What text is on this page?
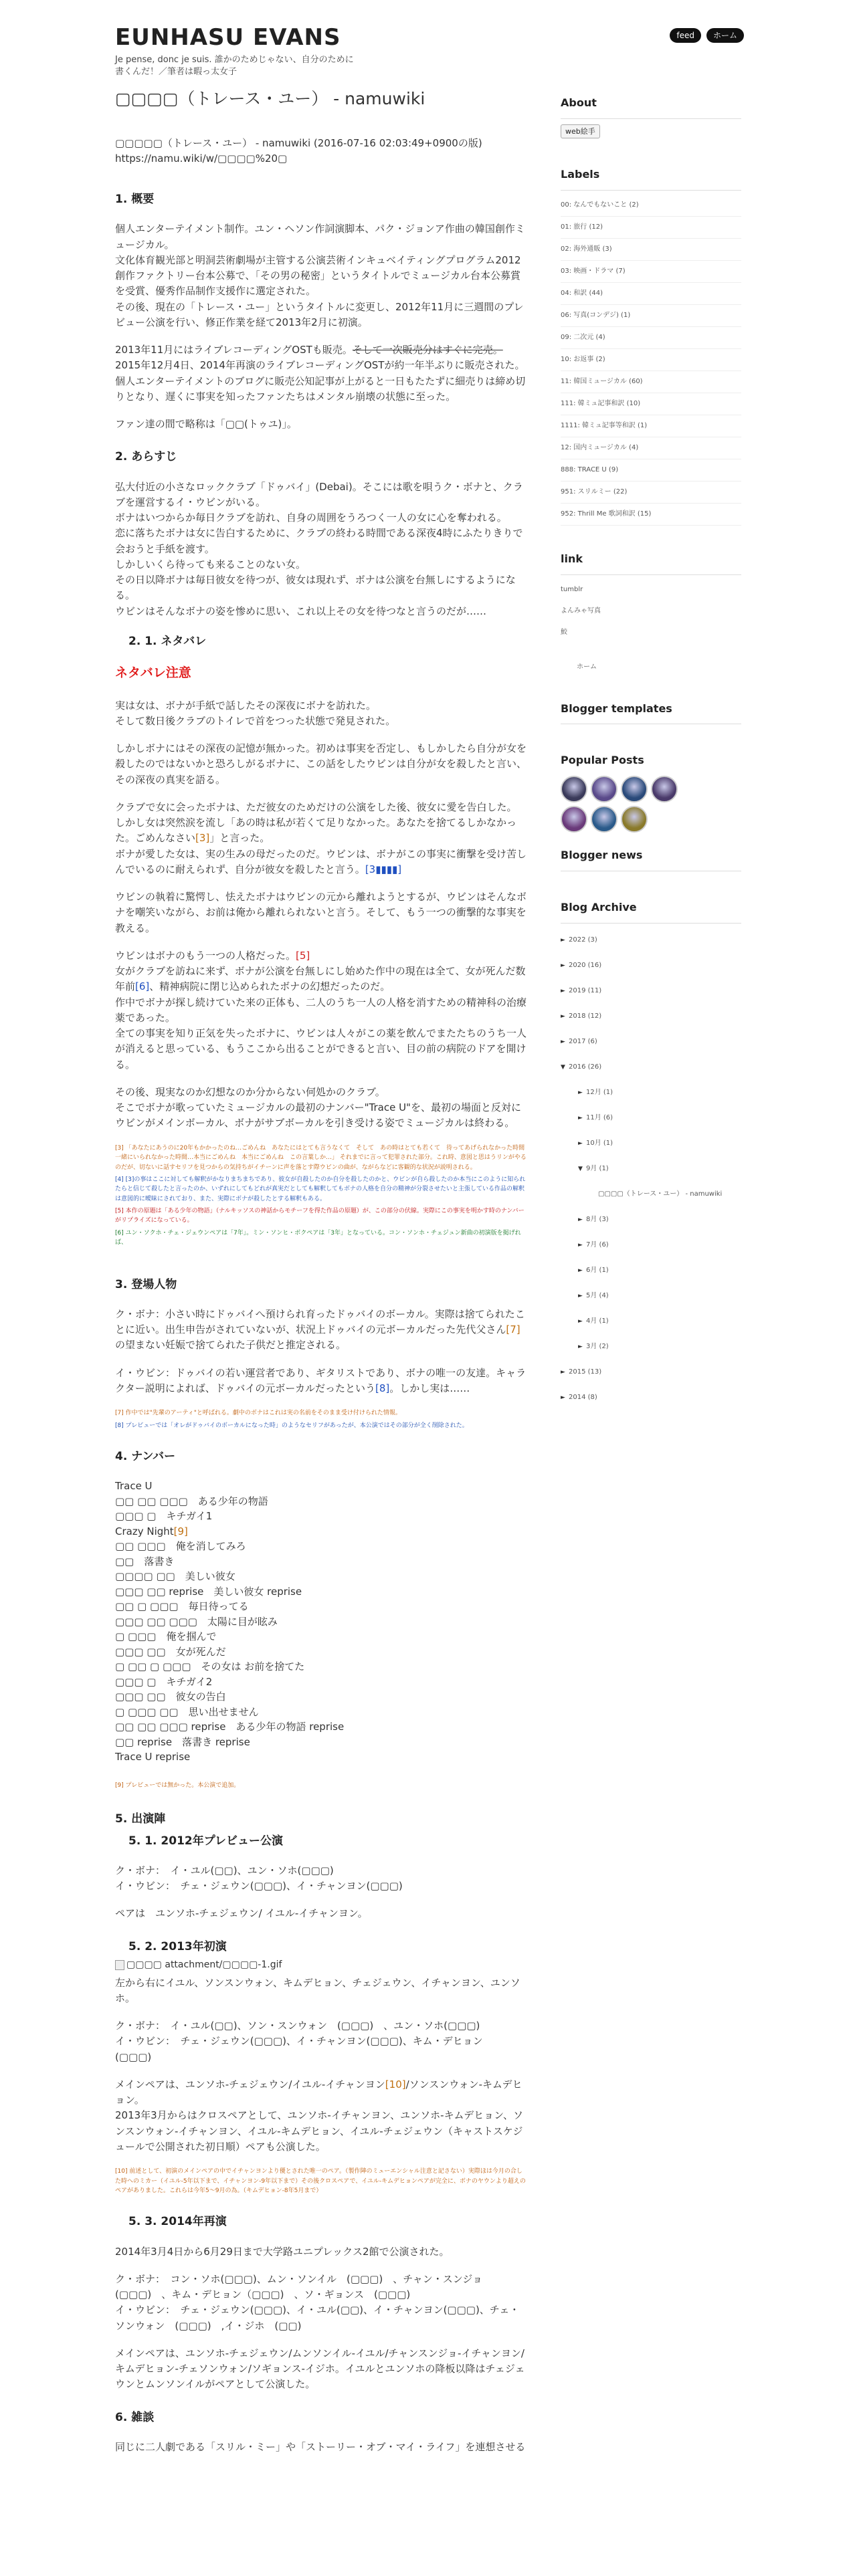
EUNHASU EVANS
Je pense, donc je suis. 誰かのためじゃない、自分のために書くんだ！／筆者は暇っ太女子
feed	ホーム
▢▢▢▢（トレース・ユー） - namuwiki

▢▢▢▢▢（トレース・ユー） - namuwiki (2016-07-16 02:03:49+0900の版) https://namu.wiki/w/▢▢▢▢%20▢

1. 概要

個人エンターテイメント制作。ユン・ヘソン作詞演脚本、パク・ジョンア作曲の韓国創作ミュージカル。
文化体育観光部と明洞芸術劇場が主管する公演芸術インキュベイティングプログラム2012創作ファクトリー台本公募で、「その男の秘密」というタイトルでミュージカル台本公募賞を受賞、優秀作品制作支援作に選定された。
その後、現在の「トレース・ユー」というタイトルに変更し、2012年11月に三週間のプレビュー公演を行い、修正作業を経て2013年2月に初演。

2013年11月にはライブレコーディングOSTも販売。そして一次販売分はすぐに完売。
2015年12月4日、2014年再演のライブレコーディングOSTが約一年半ぶりに販売された。
個人エンターテイメントのブログに販売公知記事が上がると一日もたたずに細売りは締め切りとなり、遅くに事実を知ったファンたちはメンタル崩壊の状態に至った。

ファン達の間で略称は「▢▢(トゥユ)」。

2. あらすじ

弘大付近の小さなロッククラブ「ドゥバイ」(Debai)。そこには歌を唄うク・ボナと、クラブを運営するイ・ウビンがいる。
ボナはいつからか毎日クラブを訪れ、自身の周囲をうろつく一人の女に心を奪われる。
恋に落ちたボナは女に告白するために、クラブの終わる時間である深夜4時にふたりきりで会おうと手紙を渡す。
しかしいくら待っても来ることのない女。
その日以降ボナは毎日彼女を待つが、彼女は現れず、ボナは公演を台無しにするようになる。
ウビンはそんなボナの姿を惨めに思い、これ以上その女を待つなと言うのだが……

2. 1. ネタバレ
ネタバレ注意

実は女は、ボナが手紙で話したその深夜にボナを訪れた。
そして数日後クラブのトイレで首をつった状態で発見された。

しかしボナにはその深夜の記憶が無かった。初めは事実を否定し、もしかしたら自分が女を殺したのではないかと恐ろしがるボナに、この話をしたウビンは自分が女を殺したと言い、その深夜の真実を語る。

クラブで女に会ったボナは、ただ彼女のためだけの公演をした後、彼女に愛を告白した。しかし女は突然涙を流し「あの時は私が若くて足りなかった。あなたを捨てるしかなかった。ごめんなさい[3]」と言った。
ボナが愛した女は、実の生みの母だったのだ。ウビンは、ボナがこの事実に衝撃を受け苦しんでいるのに耐えられず、自分が彼女を殺したと言う。[3▮▮▮▮]

ウビンの執着に驚愕し、怯えたボナはウビンの元から離れようとするが、ウビンはそんなボナを嘲笑いながら、お前は俺から離れられないと言う。そして、もう一つの衝撃的な事実を教える。

ウビンはボナのもう一つの人格だった。[5]
女がクラブを訪ねに来ず、ボナが公演を台無しにし始めた作中の現在は全て、女が死んだ数年前[6]、精神病院に閉じ込められたボナの幻想だったのだ。
作中でボナが探し続けていた来の正体も、二人のうち一人の人格を消すための精神科の治療薬であった。
全ての事実を知り正気を失ったボナに、ウビンは人々がこの薬を飲んでまたたちのうち一人が消えると思っている、もうここから出ることができると言い、目の前の病院のドアを開ける。

その後、現実なのか幻想なのか分からない何処かのクラブ。
そこでボナが歌っていたミュージカルの最初のナンバー"Trace U"を、最初の場面と反対にウビンがメインボーカル、ボナがサブボーカルを引き受ける姿でミュージカルは終わる。

[3] 「あなたにあうのに20年もかかったのね…ごめんね　あなたにはとても言うなくて　そして　あの時はとても若くて　待ってあげられなかった時間　一緒にいられなかった時間…本当にごめんね　本当にごめんね　この言葉しか…」 それまでに言って犯罪された部分。これ時、意図と思はうリンがやるのだが、切ないに話すセリフを見つからの気持ちがイチーンに声を落とす際ウビンの曲が、ながらなどに客観的な状況が説明される。

[4] [3]の事はここに対しても解釈がかなりまちまちであり、彼女が自殺したのか自分を殺したのかと、ウビンが自ら殺したのか本当にこのように知られたらと信じて殺したと言ったのか、いずれにしてもどれが真実だとしても解釈してもボナの人格を自分の精神が分裂させたいと主張している作品の解釈は意図的に曖昧にされており、また、実際にボナが殺したとする解釈もある。

[5] 本作の原題は「ある少年の物語」（ナルキッソスの神話からモチーフを得た作品の原題）が、この部分の伏線。実際にこの事実を明かす時のナンバーがリプライズになっている。

[6] ユン・ソクホ・チェ・ジェウンペアは「7年」。ミン・ソンヒ・ボクペアは「3年」となっている。コン・ソンホ・チェジュン新曲の初演版を掲げれば、

3. 登場人物

ク・ボナ：小さい時にドゥバイへ預けられ育ったドゥバイのボーカル。実際は捨てられたことに近い。出生申告がされていないが、状況上ドゥバイの元ボーカルだった先代父さん[7]の望まない妊娠で捨てられた子供だと推定される。

イ・ウビン：ドゥバイの若い運営者であり、ギタリストであり、ボナの唯一の友達。キャラクター説明によれば、ドゥバイの元ボーカルだったという[8]。しかし実は……

[7] 作中では"先輩のアーティ"と呼ばれる。劇中のボナはこれは実の名前をそのまま受け付けられた情報。

[8] プレビューでは「オレがドゥバイのボーカルになった時」のようなセリフがあったが、本公演ではその部分が全く削除された。

4. ナンバー
Trace U
▢▢ ▢▢ ▢▢▢　ある少年の物語
▢▢▢ ▢　キチガイ1
Crazy Night[9]
▢▢ ▢▢▢　俺を消してみろ
▢▢　落書き
▢▢▢▢ ▢▢　美しい彼女
▢▢▢ ▢▢ reprise　美しい彼女 reprise
▢▢ ▢ ▢▢▢　毎日待ってる
▢▢▢ ▢▢ ▢▢▢　太陽に目が眩み
▢ ▢▢▢　俺を掴んで
▢▢▢ ▢▢　女が死んだ
▢ ▢▢ ▢ ▢▢▢　その女は お前を捨てた
▢▢▢ ▢　キチガイ2
▢▢▢ ▢▢　彼女の告白
▢ ▢▢▢ ▢▢　思い出せません
▢▢ ▢▢ ▢▢▢ reprise　ある少年の物語 reprise
▢▢ reprise　落書き reprise
Trace U reprise

[9] プレビューでは無かった。本公演で追加。

5. 出演陣
5. 1. 2012年プレビュー公演

ク・ボナ：　イ・ユル(▢▢)、ユン・ソホ(▢▢▢)
イ・ウビン：　チェ・ジェウン(▢▢▢)、イ・チャンヨン(▢▢▢)

ペアは　ユンソホ-チェジェウン/ イユル-イチャンヨン。

5. 2. 2013年初演
▢▢▢▢ attachment/▢▢▢▢-1.gif

左から右にイユル、ソンスンウォン、キムデヒョン、チェジェウン、イチャンヨン、ユンソホ。

ク・ボナ：　イ・ユル(▢▢)、ソン・スンウォン　(▢▢▢)　、ユン・ソホ(▢▢▢)
イ・ウビン：　チェ・ジェウン(▢▢▢)、イ・チャンヨン(▢▢▢)、キム・デヒョン　(▢▢▢)

メインペアは、ユンソホ-チェジェウン/イユル-イチャンヨン[10]/ソンスンウォン-キムデヒョン。
2013年3月からはクロスペアとして、ユンソホ-イチャンヨン、ユンソホ-キムデヒョン、ソンスンウォン-イチャンヨン、イユル-キムデヒョン、イユル-チェジェウン（キャストスケジュールで公開された初日順）ペアも公演した。

[10] 前述として、初演のメインペアの中でイチャンヨンより優とされた唯一のペア。（製作陣のミューエンシャル注意と記さない）実際ほは今月の合した時へのミカー（イユル-5年以下まで、イチャンヨン-9年以下まで）その後クロスペアで、イユル-キムデヒョンペアが完全に、ボナのヤウンより超えのペアがありました。これらは今年5～9月の為。（キムデヒョン-8年5月まで）

5. 3. 2014年再演

2014年3月4日から6月29日まで大学路ユニプレックス2館で公演された。

ク・ボナ：　コン・ソホ(▢▢▢)、ムン・ソンイル　(▢▢▢)　、チャン・スンジョ　(▢▢▢)　、キム・デヒョン（▢▢▢)　、ソ・ギョンス　(▢▢▢)
イ・ウビン：　チェ・ジェウン(▢▢▢)、イ・ユル(▢▢)、イ・チャンヨン(▢▢▢)、チェ・ソンウォン　(▢▢▢)　,イ・ジホ　(▢▢)

メインペアは、ユンソホ-チェジェウン/ムンソンイル-イユル/チャンスンジョ-イチャンヨン/キムデヒョン-チェソンウォン/ソギョンス-イジホ。イユルとユンソホの降板以降はチェジェウンとムンソンイルがペアとして公演した。

6. 雑談

同じに二人劇である「スリル・ミー」や「ストーリー・オブ・マイ・ライフ」を連想させる

About
web絵手
Labels
00: なんでもないこと (2)
01: 旅行 (12)
02: 海外通販 (3)
03: 映画・ドラマ (7)
04: 和訳 (44)
06: 写真(コンデジ) (1)
09: 二次元 (4)
10: お返事 (2)
11: 韓国ミュージカル (60)
111: 韓ミュ記事和訳 (10)
1111: 韓ミュ記事等和訳 (1)
12: 国内ミュージカル (4)
888: TRACE U (9)
951: スリルミー (22)
952: Thrill Me 歌詞和訳 (15)
link
tumblr
よんみゃ写真
鮫
ホーム
Blogger templates
Popular Posts
Blogger news
Blog Archive
► 2022 (3)
► 2020 (16)
► 2019 (11)
► 2018 (12)
► 2017 (6)
▼ 2016 (26)
► 12月 (1)
► 11月 (6)
► 10月 (1)
▼ 9月 (1)
▢▢▢▢（トレース・ユー） - namuwiki
► 8月 (3)
► 7月 (6)
► 6月 (1)
► 5月 (4)
► 4月 (1)
► 3月 (2)
► 2015 (13)
► 2014 (8)
